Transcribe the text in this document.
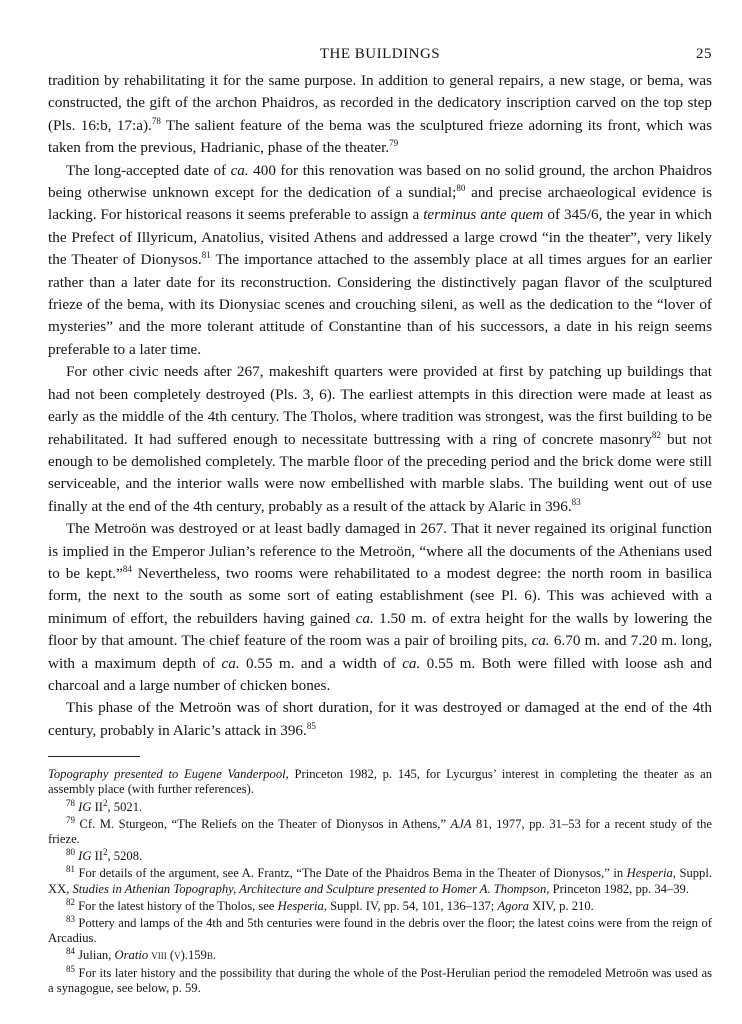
THE BUILDINGS	25

tradition by rehabilitating it for the same purpose. In addition to general repairs, a new stage, or bema, was constructed, the gift of the archon Phaidros, as recorded in the dedicatory inscription carved on the top step (Pls. 16:b, 17:a).$^{78}$ The salient feature of the bema was the sculptured frieze adorning its front, which was taken from the previous, Hadrianic, phase of the theater.$^{79}$

The long-accepted date of ca. 400 for this renovation was based on no solid ground, the archon Phaidros being otherwise unknown except for the dedication of a sundial;$^{80}$ and precise archaeological evidence is lacking. For historical reasons it seems preferable to assign a terminus ante quem of 345/6, the year in which the Prefect of Illyricum, Anatolius, visited Athens and addressed a large crowd “in the theater”, very likely the Theater of Dionysos.$^{81}$ The importance attached to the assembly place at all times argues for an earlier rather than a later date for its reconstruction. Considering the distinctively pagan flavor of the sculptured frieze of the bema, with its Dionysiac scenes and crouching sileni, as well as the dedication to the “lover of mysteries” and the more tolerant attitude of Constantine than of his successors, a date in his reign seems preferable to a later time.

For other civic needs after 267, makeshift quarters were provided at first by patching up buildings that had not been completely destroyed (Pls. 3, 6). The earliest attempts in this direction were made at least as early as the middle of the 4th century. The Tholos, where tradition was strongest, was the first building to be rehabilitated. It had suffered enough to necessitate buttressing with a ring of concrete masonry$^{82}$ but not enough to be demolished completely. The marble floor of the preceding period and the brick dome were still serviceable, and the interior walls were now embellished with marble slabs. The building went out of use finally at the end of the 4th century, probably as a result of the attack by Alaric in 396.83

The Metroön was destroyed or at least badly damaged in 267. That it never regained its original function is implied in the Emperor Julian’s reference to the Metroön, “where all the documents of the Athenians used to be kept.”$^{84}$ Nevertheless, two rooms were rehabilitated to a modest degree: the north room in basilica form, the next to the south as some sort of eating establishment (see Pl. 6). This was achieved with a minimum of effort, the rebuilders having gained ca. 1.50 m. of extra height for the walls by lowering the floor by that amount. The chief feature of the room was a pair of broiling pits, ca. 6.70 m. and 7.20 m. long, with a maximum depth of ca. 0.55 m. and a width of ca. 0.55 m. Both were filled with loose ash and charcoal and a large number of chicken bones.

This phase of the Metroön was of short duration, for it was destroyed or damaged at the end of the 4th century, probably in Alaric’s attack in 396.85

Topography presented to Eugene Vanderpool, Princeton 1982, p. 145, for Lycurgus’ interest in completing the theater as an assembly place (with further references).

$^{78}$ IG $II^2$, 5021.

$^{79}$ Cf. M. Sturgeon, “The Reliefs on the Theater of Dionysos in Athens,” AJA 81, 1977, pp. 31–53 for a recent study of the frieze.

$^{80}$ IG $II^2$, 5208.

$^{81}$ For details of the argument, see A. Frantz, “The Date of the Phaidros Bema in the Theater of Dionysos,” in Hesperia, Suppl. XX, Studies in Athenian Topography, Architecture and Sculpture presented to Homer A. Thompson, Princeton 1982, pp. 34–39.

$^{82}$ For the latest history of the Tholos, see Hesperia, Suppl. IV, pp. 54, 101, 136–137; Agora XIV, p. 210.

$^{83}$ Pottery and lamps of the 4th and 5th centuries were found in the debris over the floor; the latest coins were from the reign of Arcadius.

$^{84}$ Julian, Oratio viii (v).159b.

$^{85}$ For its later history and the possibility that during the whole of the Post-Herulian period the remodeled Metroön was used as a synagogue, see below, p. 59.
